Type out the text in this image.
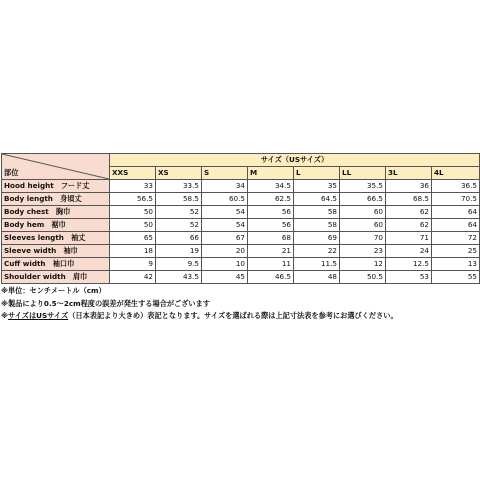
部位	サイズ（USサイズ）							
	XXS	XS	S	M	L	LL	3L	4L
Hood height　フード丈	33	33.5	34	34.5	35	35.5	36	36.5
Body length　身頃丈	56.5	58.5	60.5	62.5	64.5	66.5	68.5	70.5
Body chest　胸巾	50	52	54	56	58	60	62	64
Body hem　裾巾	50	52	54	56	58	60	62	64
Sleeves length　袖丈	65	66	67	68	69	70	71	72
Sleeve width　袖巾	18	19	20	21	22	23	24	25
Cuff width　袖口巾	9	9.5	10	11	11.5	12	12.5	13
Shoulder width　肩巾	42	43.5	45	46.5	48	50.5	53	55
※単位：センチメートル（cm）
※製品により0.5～2cm程度の誤差が発生する場合がございます
※サイズはUSサイズ（日本表記より大きめ）表記となります。サイズを選ばれる際は上記寸法表を参考にお選びください。
